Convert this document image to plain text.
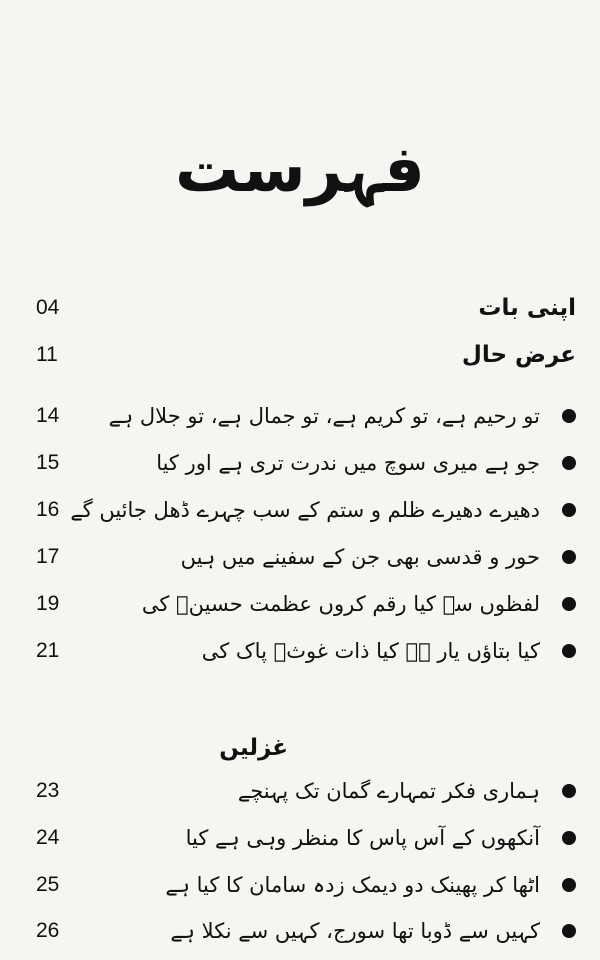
فہرست
04	اپنی بات
11	عرض حال
14 تو رحیم ہے، تو کریم ہے، تو جمال ہے، تو جلال ہے
15	جو ہے میری سوچ میں ندرت تری ہے اور کیا
16 دھیرے دھیرے ظلم و ستم کے سب چہرے ڈھل جائیں گے
17	حور و قدسی بھی جن کے سفینے میں ہیں
19	لفظوں سے کیا رقم کروں عظمت حسینؓ کی
21	کیا بتاؤں یار ہے کیا ذات غوثؒ پاک کی
غزلیں
23	ہماری فکر تمہارے گمان تک پہنچے
24	آنکھوں کے آس پاس کا منظر وہی ہے کیا
25	اٹھا کر پھینک دو دیمک زدہ سامان کا کیا ہے
26	کہیں سے ڈوبا تھا سورج، کہیں سے نکلا ہے
